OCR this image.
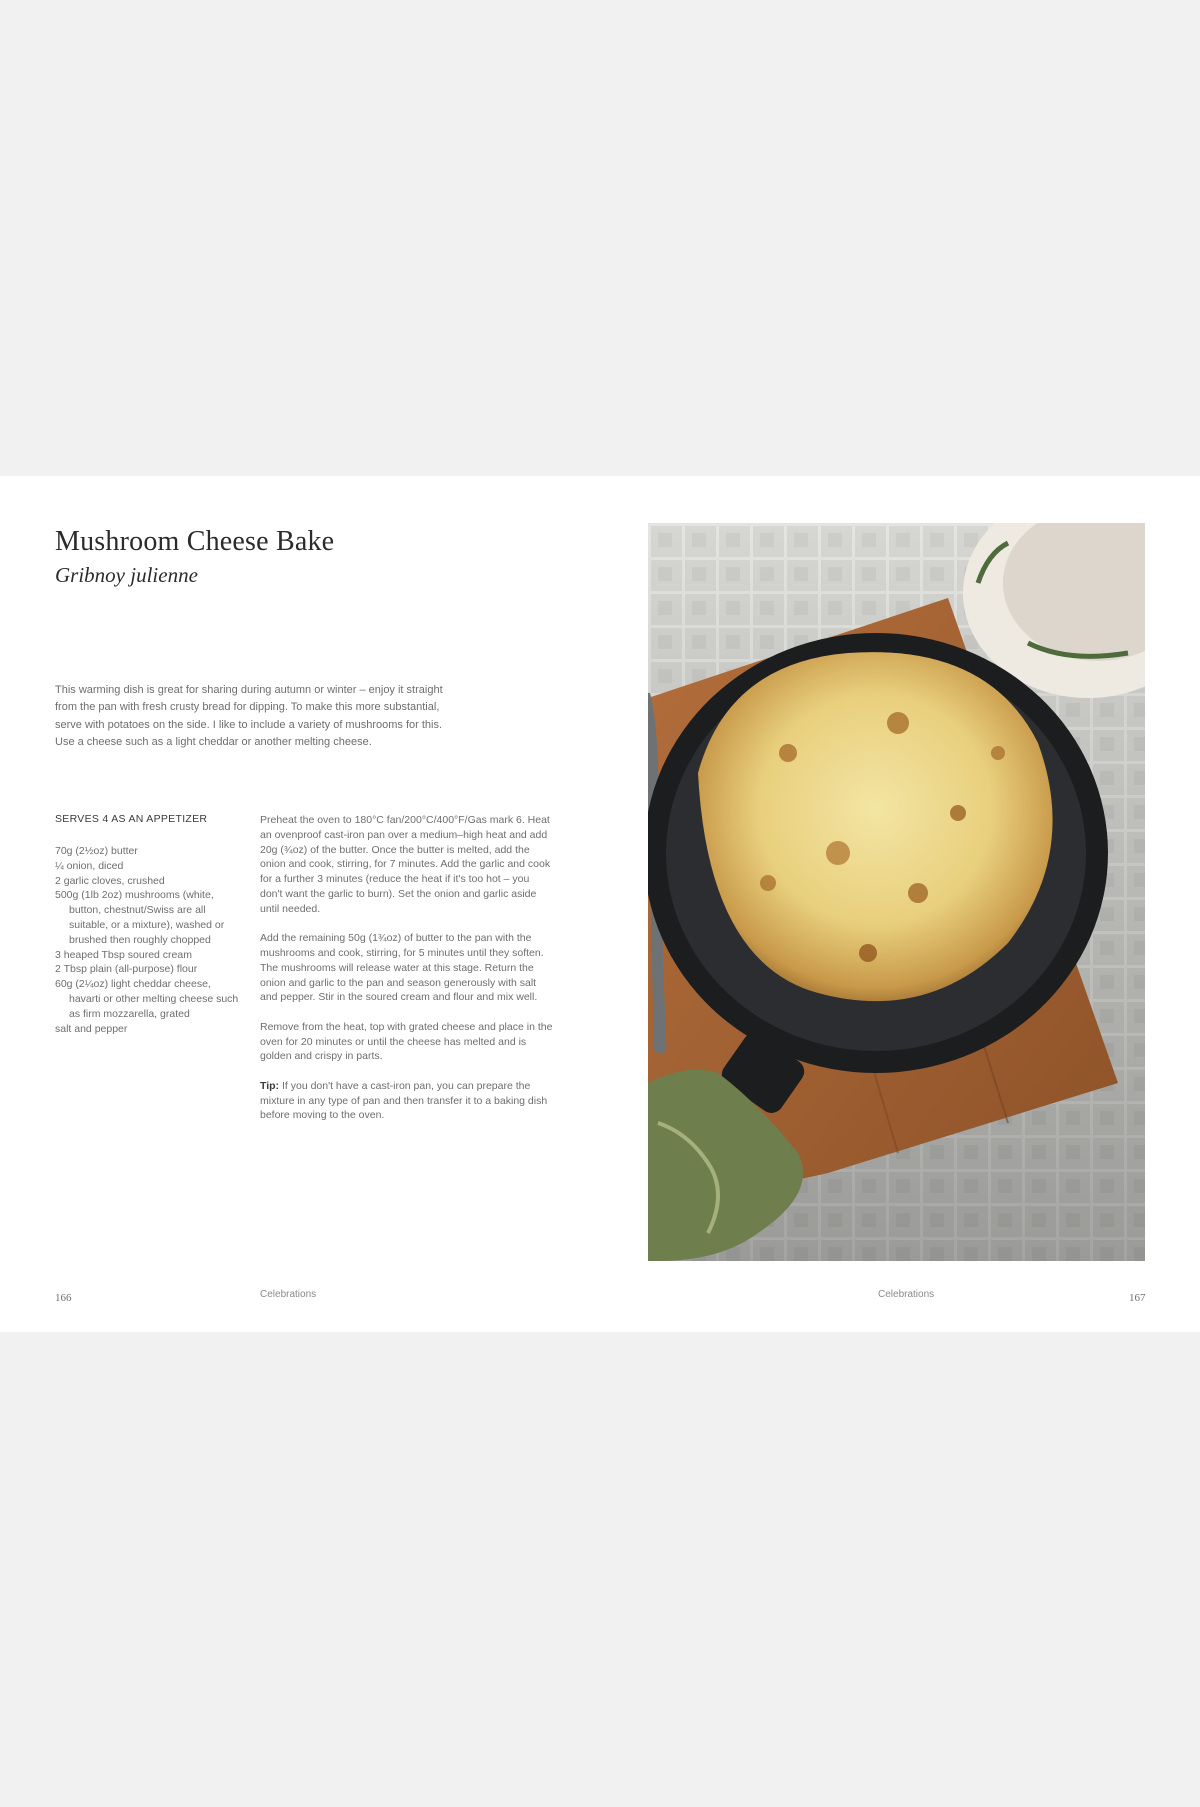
Mushroom Cheese Bake
Gribnoy julienne

This warming dish is great for sharing during autumn or winter – enjoy it straight from the pan with fresh crusty bread for dipping. To make this more substantial, serve with potatoes on the side. I like to include a variety of mushrooms for this. Use a cheese such as a light cheddar or another melting cheese.

SERVES 4 AS AN APPETIZER
70g (2½oz) butter
¼ onion, diced
2 garlic cloves, crushed
500g (1lb 2oz) mushrooms (white, button, chestnut/Swiss are all suitable, or a mixture), washed or brushed then roughly chopped
3 heaped Tbsp soured cream
2 Tbsp plain (all-purpose) flour
60g (2¼oz) light cheddar cheese, havarti or other melting cheese such as firm mozzarella, grated
salt and pepper

Preheat the oven to 180°C fan/200°C/400°F/Gas mark 6. Heat an ovenproof cast-iron pan over a medium–high heat and add 20g (¾oz) of the butter. Once the butter is melted, add the onion and cook, stirring, for 7 minutes. Add the garlic and cook for a further 3 minutes (reduce the heat if it's too hot – you don't want the garlic to burn). Set the onion and garlic aside until needed.

Add the remaining 50g (1¾oz) of butter to the pan with the mushrooms and cook, stirring, for 5 minutes until they soften. The mushrooms will release water at this stage. Return the onion and garlic to the pan and season generously with salt and pepper. Stir in the soured cream and flour and mix well.

Remove from the heat, top with grated cheese and place in the oven for 20 minutes or until the cheese has melted and is golden and crispy in parts.

Tip: If you don't have a cast-iron pan, you can prepare the mixture in any type of pan and then transfer it to a baking dish before moving to the oven.

166	Celebrations	Celebrations	167
